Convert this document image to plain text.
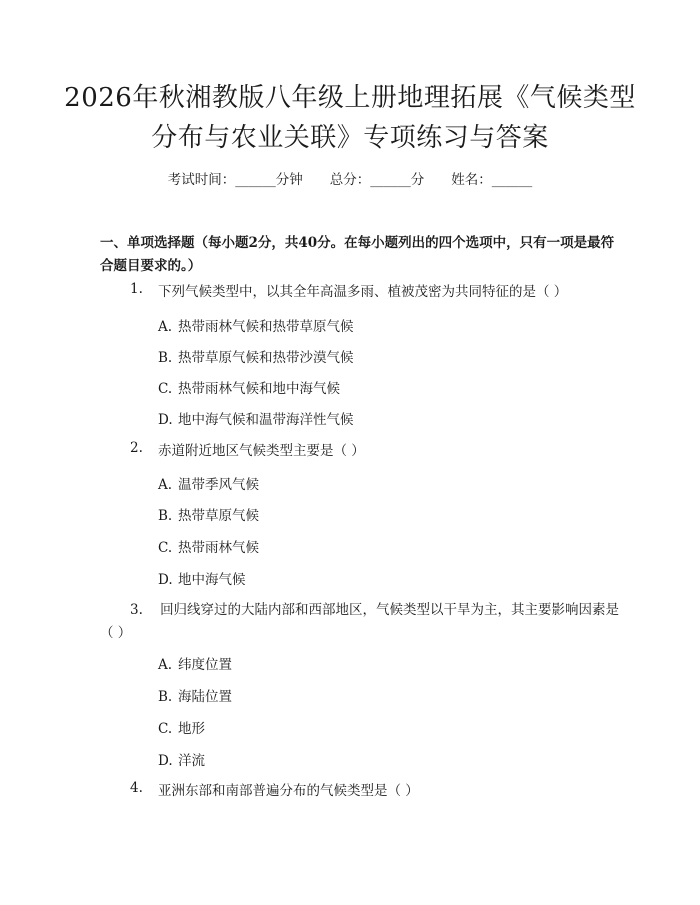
2026年秋湘教版八年级上册地理拓展《气候类型分布与农业关联》专项练习与答案
考试时间：______分钟　　总分：______分　　姓名：______
一、单项选择题（每小题2分，共40分。在每小题列出的四个选项中，只有一项是最符合题目要求的。）
1. 下列气候类型中，以其全年高温多雨、植被茂密为共同特征的是（ ）
A. 热带雨林气候和热带草原气候
B. 热带草原气候和热带沙漠气候
C. 热带雨林气候和地中海气候
D. 地中海气候和温带海洋性气候
2. 赤道附近地区气候类型主要是（ ）
A. 温带季风气候
B. 热带草原气候
C. 热带雨林气候
D. 地中海气候
3. 回归线穿过的大陆内部和西部地区，气候类型以干旱为主，其主要影响因素是（ ）
A. 纬度位置
B. 海陆位置
C. 地形
D. 洋流
4. 亚洲东部和南部普遍分布的气候类型是（ ）
